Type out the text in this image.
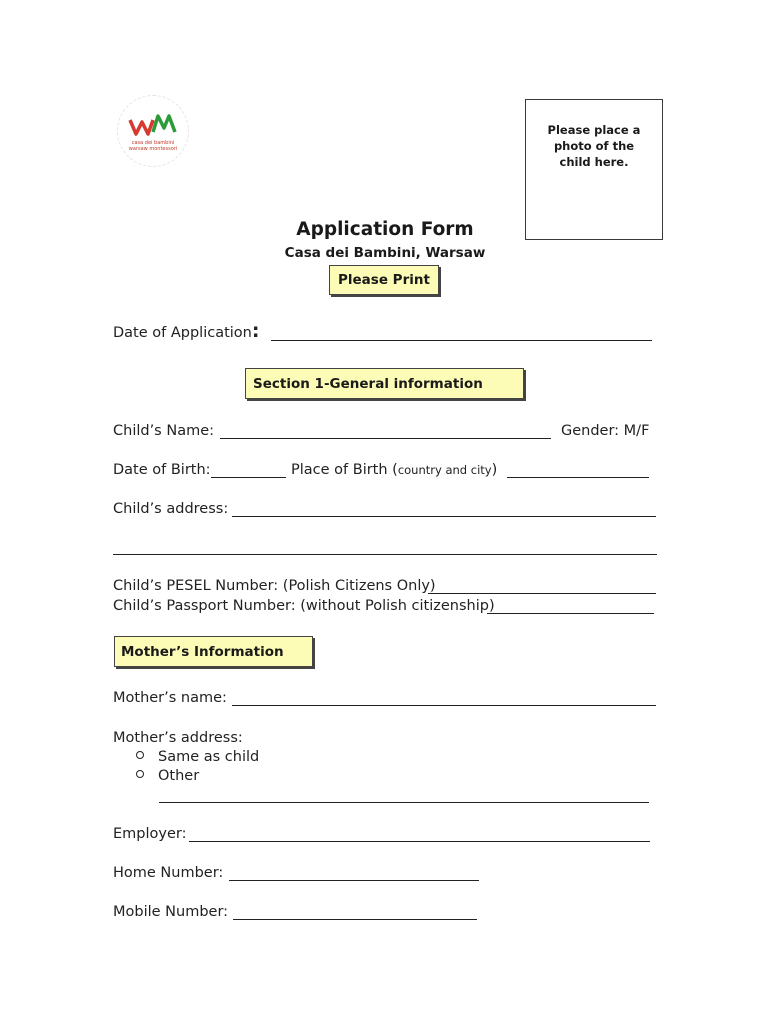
casa dei bambini
warsaw montessori
Please place a photo of the child here.
Application Form
Casa dei Bambini, Warsaw
Please Print
Date of Application:
Section 1-General information
Child’s Name:	Gender: M/F
Date of Birth:	Place of Birth (country and city)
Child’s address:
Child’s PESEL Number: (Polish Citizens Only)
Child’s Passport Number: (without Polish citizenship)
Mother’s Information
Mother’s name:
Mother’s address:
Same as child
Other
Employer:
Home Number:
Mobile Number:
